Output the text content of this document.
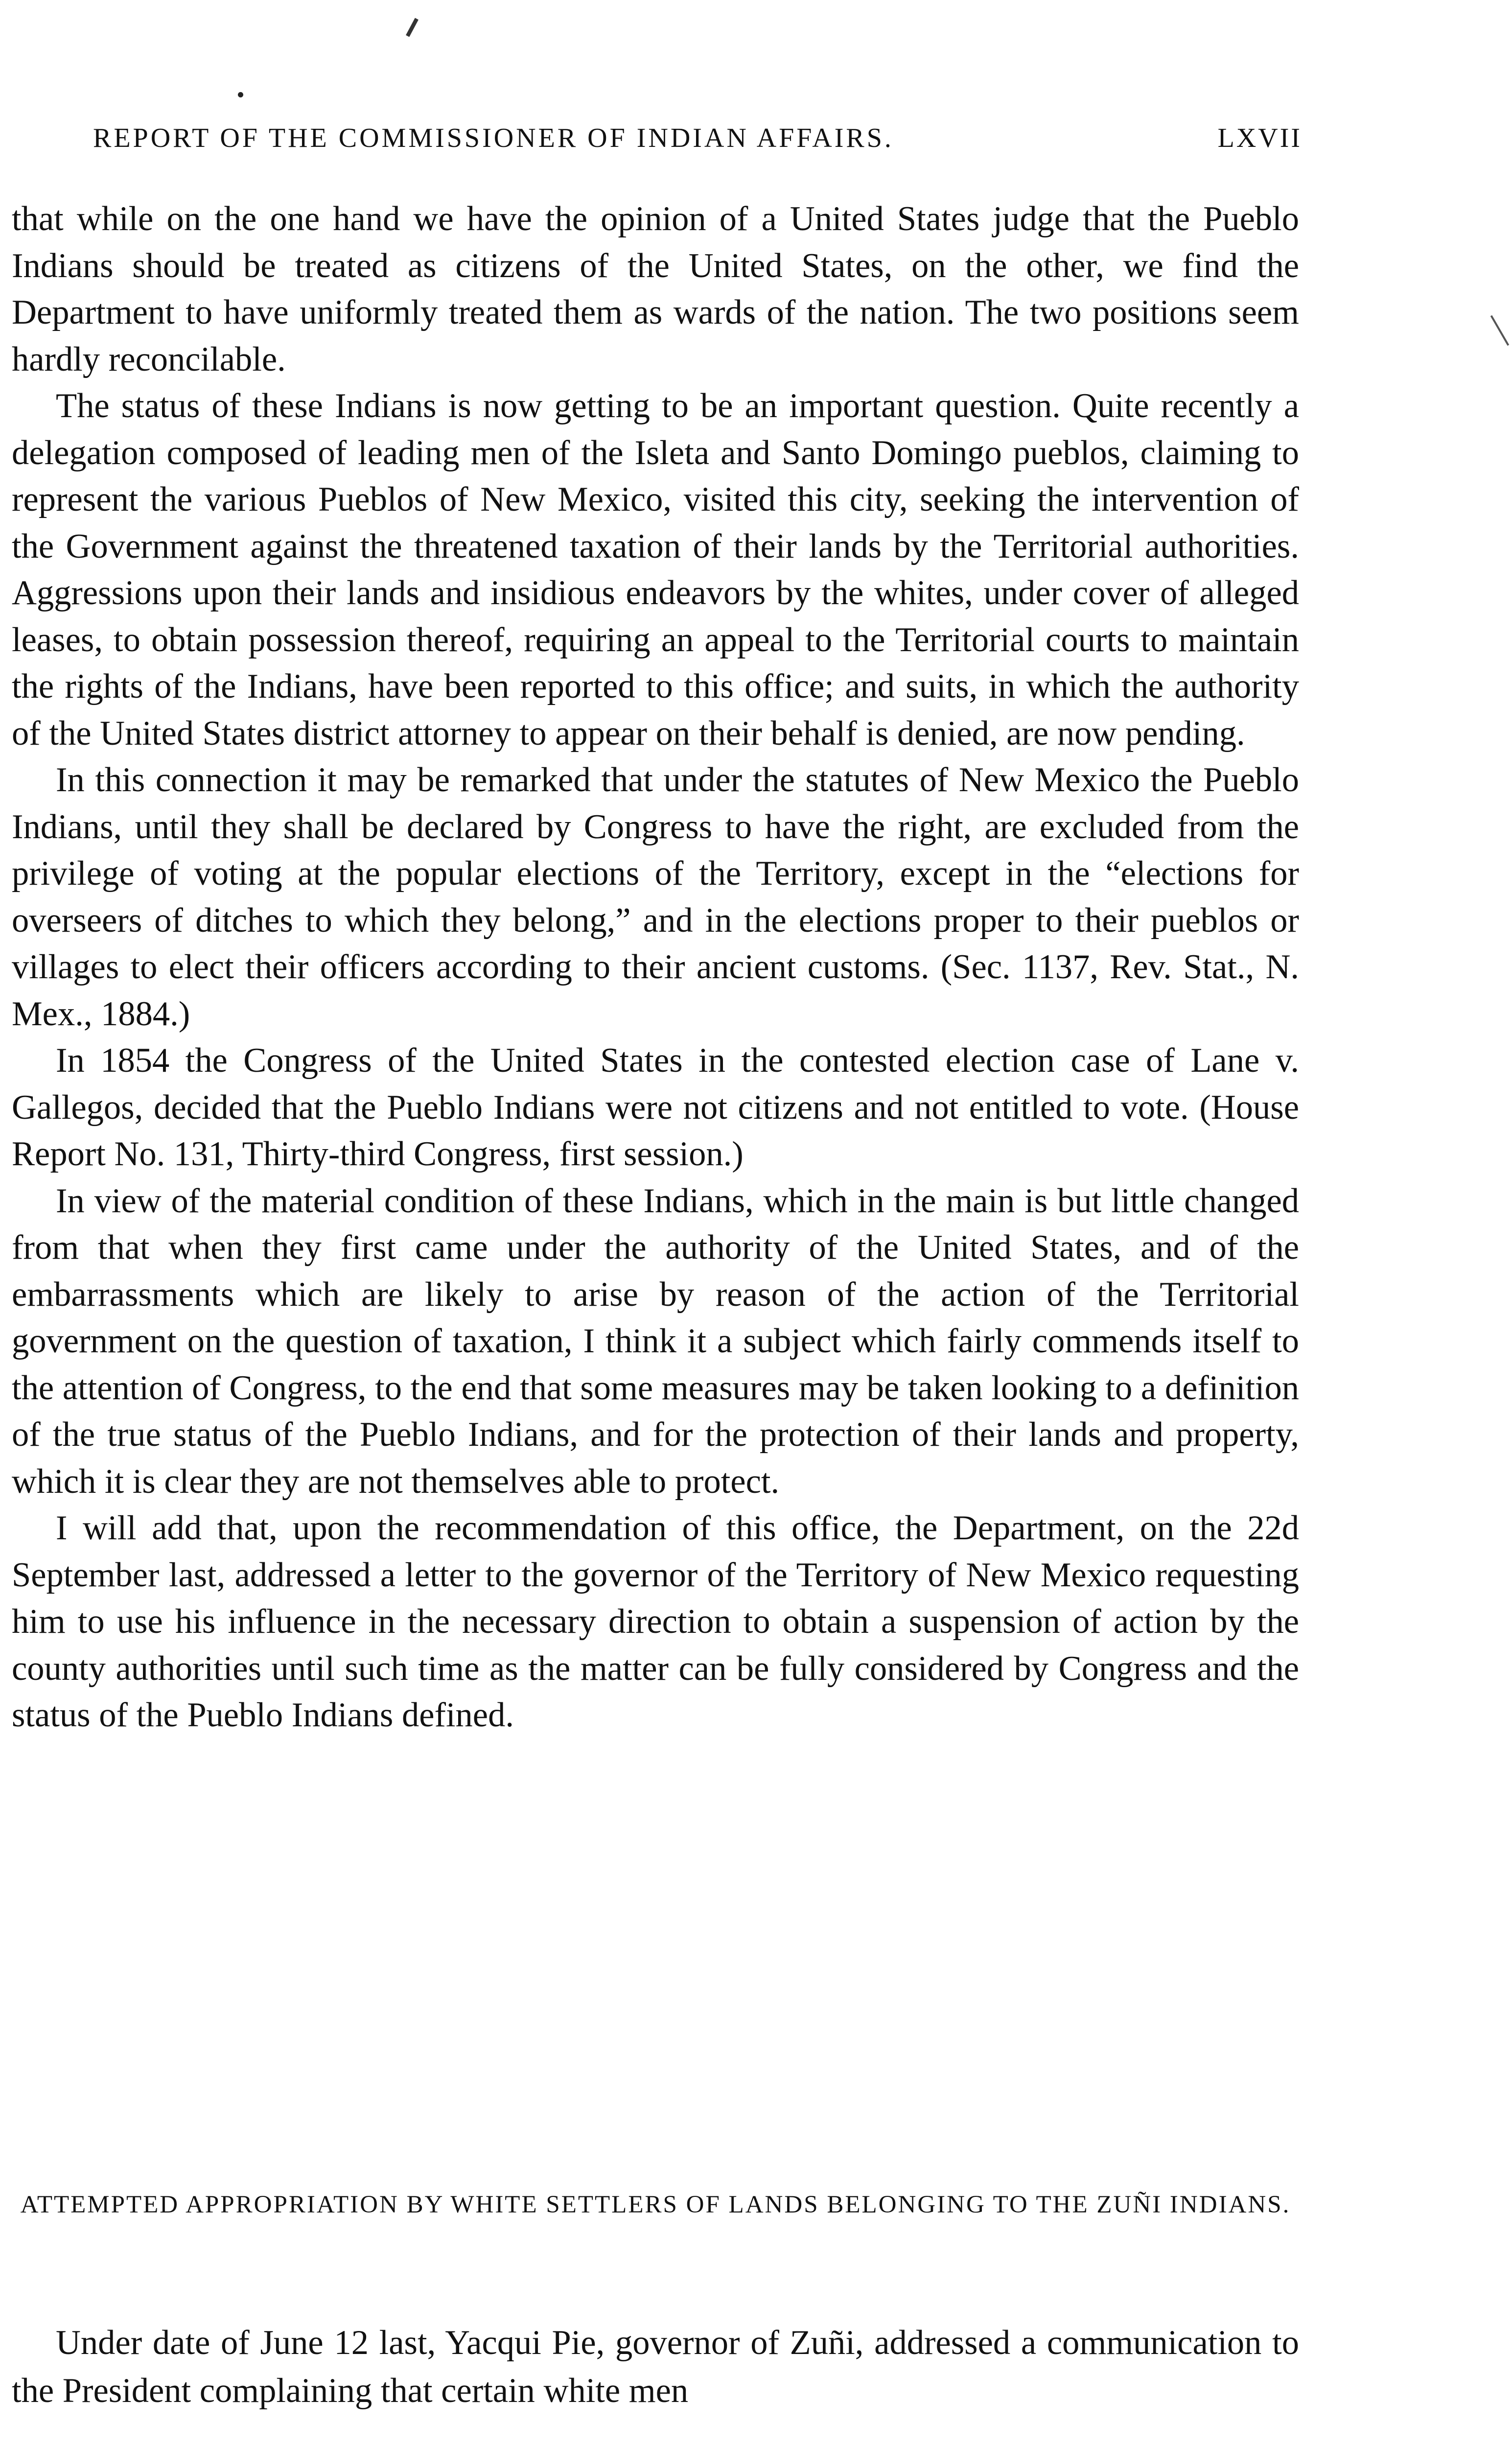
REPORT OF THE COMMISSIONER OF INDIAN AFFAIRS.	LXVII

that while on the one hand we have the opinion of a United States judge that the Pueblo Indians should be treated as citizens of the United States, on the other, we find the Department to have uniformly treated them as wards of the nation. The two positions seem hardly reconcilable.

The status of these Indians is now getting to be an important question. Quite recently a delegation composed of leading men of the Isleta and Santo Domingo pueblos, claiming to represent the various Pueblos of New Mexico, visited this city, seeking the intervention of the Government against the threatened taxation of their lands by the Territorial authorities. Aggressions upon their lands and insidious endeavors by the whites, under cover of alleged leases, to obtain possession thereof, requiring an appeal to the Territorial courts to maintain the rights of the Indians, have been reported to this office; and suits, in which the authority of the United States district attorney to appear on their behalf is denied, are now pending.

In this connection it may be remarked that under the statutes of New Mexico the Pueblo Indians, until they shall be declared by Congress to have the right, are excluded from the privilege of voting at the popular elections of the Territory, except in the “elections for overseers of ditches to which they belong,” and in the elections proper to their pueblos or villages to elect their officers according to their ancient customs. (Sec. 1137, Rev. Stat., N. Mex., 1884.)

In 1854 the Congress of the United States in the contested election case of Lane v. Gallegos, decided that the Pueblo Indians were not citizens and not entitled to vote. (House Report No. 131, Thirty-third Congress, first session.)

In view of the material condition of these Indians, which in the main is but little changed from that when they first came under the authority of the United States, and of the embarrassments which are likely to arise by reason of the action of the Territorial government on the question of taxation, I think it a subject which fairly commends itself to the attention of Congress, to the end that some measures may be taken looking to a definition of the true status of the Pueblo Indians, and for the protection of their lands and property, which it is clear they are not themselves able to protect.

I will add that, upon the recommendation of this office, the Department, on the 22d September last, addressed a letter to the governor of the Territory of New Mexico requesting him to use his influence in the necessary direction to obtain a suspension of action by the county authorities until such time as the matter can be fully considered by Congress and the status of the Pueblo Indians defined.

ATTEMPTED APPROPRIATION BY WHITE SETTLERS OF LANDS BELONGING TO THE ZUÑI INDIANS.

Under date of June 12 last, Yacqui Pie, governor of Zuñi, addressed a communication to the President complaining that certain white men
